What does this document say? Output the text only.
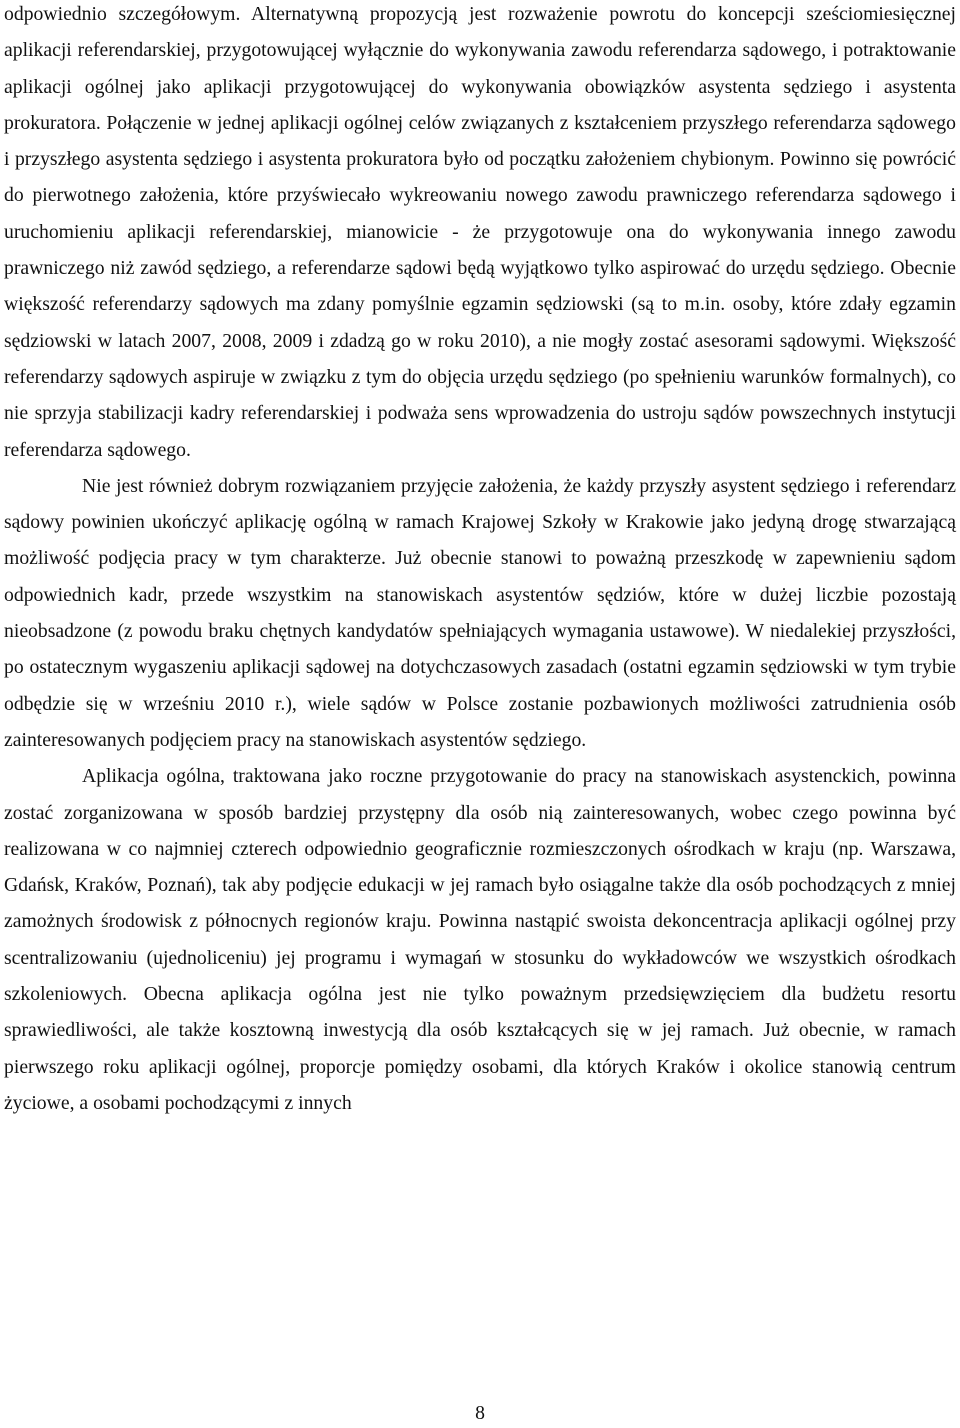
odpowiednio szczegółowym. Alternatywną propozycją jest rozważenie powrotu do koncepcji sześciomiesięcznej aplikacji referendarskiej, przygotowującej wyłącznie do wykonywania zawodu referendarza sądowego, i potraktowanie aplikacji ogólnej jako aplikacji przygotowującej do wykonywania obowiązków asystenta sędziego i asystenta prokuratora. Połączenie w jednej aplikacji ogólnej celów związanych z kształceniem przyszłego referendarza sądowego i przyszłego asystenta sędziego i asystenta prokuratora było od początku założeniem chybionym. Powinno się powrócić do pierwotnego założenia, które przyświecało wykreowaniu nowego zawodu prawniczego referendarza sądowego i uruchomieniu aplikacji referendarskiej, mianowicie - że przygotowuje ona do wykonywania innego zawodu prawniczego niż zawód sędziego, a referendarze sądowi będą wyjątkowo tylko aspirować do urzędu sędziego. Obecnie większość referendarzy sądowych ma zdany pomyślnie egzamin sędziowski (są to m.in. osoby, które zdały egzamin sędziowski w latach 2007, 2008, 2009 i zdadzą go w roku 2010), a nie mogły zostać asesorami sądowymi. Większość referendarzy sądowych aspiruje w związku z tym do objęcia urzędu sędziego (po spełnieniu warunków formalnych), co nie sprzyja stabilizacji kadry referendarskiej i podważa sens wprowadzenia do ustroju sądów powszechnych instytucji referendarza sądowego.

Nie jest również dobrym rozwiązaniem przyjęcie założenia, że każdy przyszły asystent sędziego i referendarz sądowy powinien ukończyć aplikację ogólną w ramach Krajowej Szkoły w Krakowie jako jedyną drogę stwarzającą możliwość podjęcia pracy w tym charakterze. Już obecnie stanowi to poważną przeszkodę w zapewnieniu sądom odpowiednich kadr, przede wszystkim na stanowiskach asystentów sędziów, które w dużej liczbie pozostają nieobsadzone (z powodu braku chętnych kandydatów spełniających wymagania ustawowe). W niedalekiej przyszłości, po ostatecznym wygaszeniu aplikacji sądowej na dotychczasowych zasadach (ostatni egzamin sędziowski w tym trybie odbędzie się w wrześniu 2010 r.), wiele sądów w Polsce zostanie pozbawionych możliwości zatrudnienia osób zainteresowanych podjęciem pracy na stanowiskach asystentów sędziego.

Aplikacja ogólna, traktowana jako roczne przygotowanie do pracy na stanowiskach asystenckich, powinna zostać zorganizowana w sposób bardziej przystępny dla osób nią zainteresowanych, wobec czego powinna być realizowana w co najmniej czterech odpowiednio geograficznie rozmieszczonych ośrodkach w kraju (np. Warszawa, Gdańsk, Kraków, Poznań), tak aby podjęcie edukacji w jej ramach było osiągalne także dla osób pochodzących z mniej zamożnych środowisk z północnych regionów kraju. Powinna nastąpić swoista dekoncentracja aplikacji ogólnej przy scentralizowaniu (ujednoliceniu) jej programu i wymagań w stosunku do wykładowców we wszystkich ośrodkach szkoleniowych. Obecna aplikacja ogólna jest nie tylko poważnym przedsięwzięciem dla budżetu resortu sprawiedliwości, ale także kosztowną inwestycją dla osób kształcących się w jej ramach. Już obecnie, w ramach pierwszego roku aplikacji ogólnej, proporcje pomiędzy osobami, dla których Kraków i okolice stanowią centrum życiowe, a osobami pochodzącymi z innych

8
